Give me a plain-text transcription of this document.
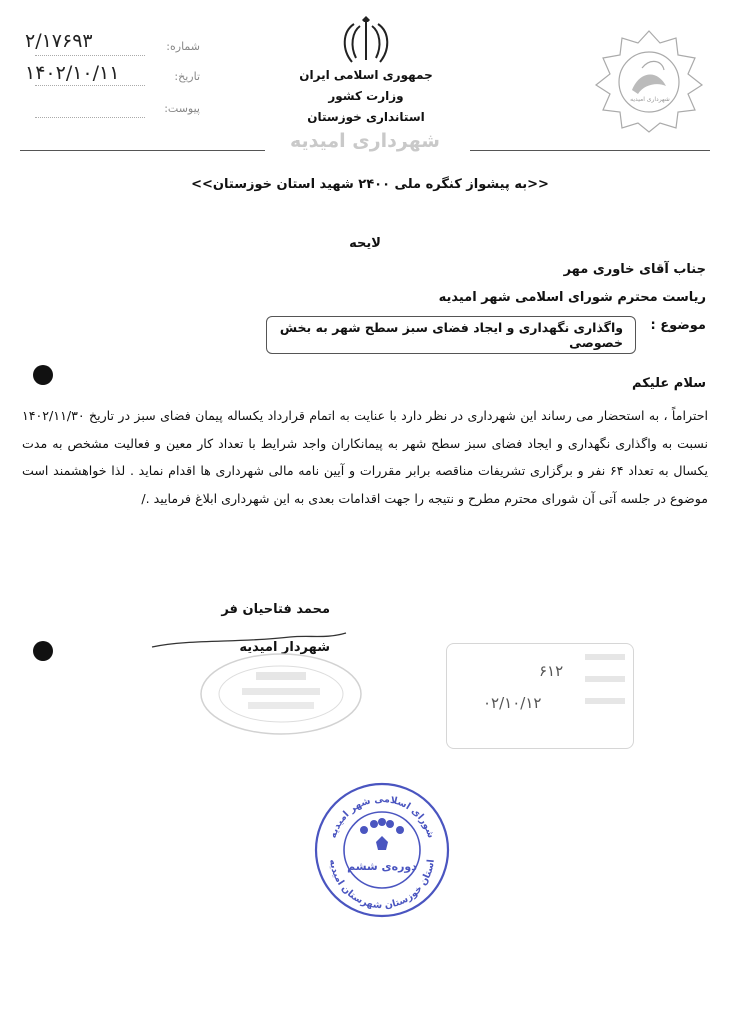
شماره:
۲/۱۷۶۹۳
تاریخ:
۱۴۰۲/۱۰/۱۱
پیوست:
جمهوری اسلامی ایران
وزارت کشور
استانداری خوزستان
شهرداری امیدیه
شهرداری امیدیه
<<به پیشواز کنگره ملی ۲۴۰۰ شهید استان خوزستان>>
لایحه
جناب آقای خاوری مهر
ریاست محترم شورای اسلامی شهر امیدیه
موضوع :
واگذاری نگهداری و ایجاد فضای سبز سطح شهر به بخش خصوصی
سلام علیکم
احتراماً ، به استحضار می رساند این شهرداری در نظر دارد با عنایت به اتمام قرارداد یکساله پیمان فضای سبز در تاریخ ۱۴۰۲/۱۱/۳۰ نسبت به واگذاری نگهداری و ایجاد فضای سبز سطح شهر به پیمانکاران واجد شرایط با تعداد کار معین و فعالیت مشخص به مدت یکسال به تعداد ۶۴ نفر و برگزاری تشریفات مناقصه برابر مقررات و آیین نامه مالی شهرداری ها اقدام نماید . لذا خواهشمند است موضوع در جلسه آتی آن شورای محترم مطرح و نتیجه را جهت اقدامات بعدی به این شهرداری ابلاغ فرمایید ./
محمد فتاحیان فر
شهردار امیدیه
۶۱۲
۰۲/۱۰/۱۲
شورای اسلامی شهر امیدیه
استان خوزستان شهرستان امیدیه
دوره‌ی ششم
